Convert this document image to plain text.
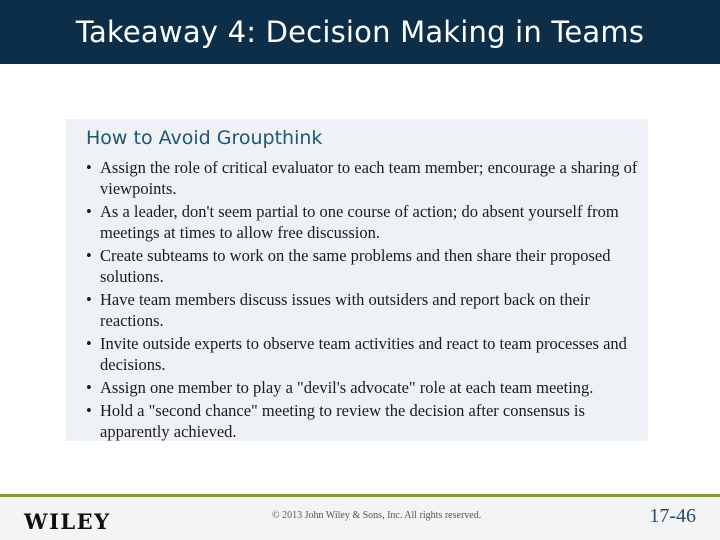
Takeaway 4: Decision Making in Teams
How to Avoid Groupthink
• Assign the role of critical evaluator to each team member; encourage a sharing of viewpoints.
• As a leader, don't seem partial to one course of action; do absent yourself from meetings at times to allow free discussion.
• Create subteams to work on the same problems and then share their proposed solutions.
• Have team members discuss issues with outsiders and report back on their reactions.
• Invite outside experts to observe team activities and react to team processes and decisions.
• Assign one member to play a "devil's advocate" role at each team meeting.
• Hold a "second chance" meeting to review the decision after consensus is apparently achieved.
WILEY	© 2013 John Wiley & Sons, Inc. All rights reserved.	17-46
